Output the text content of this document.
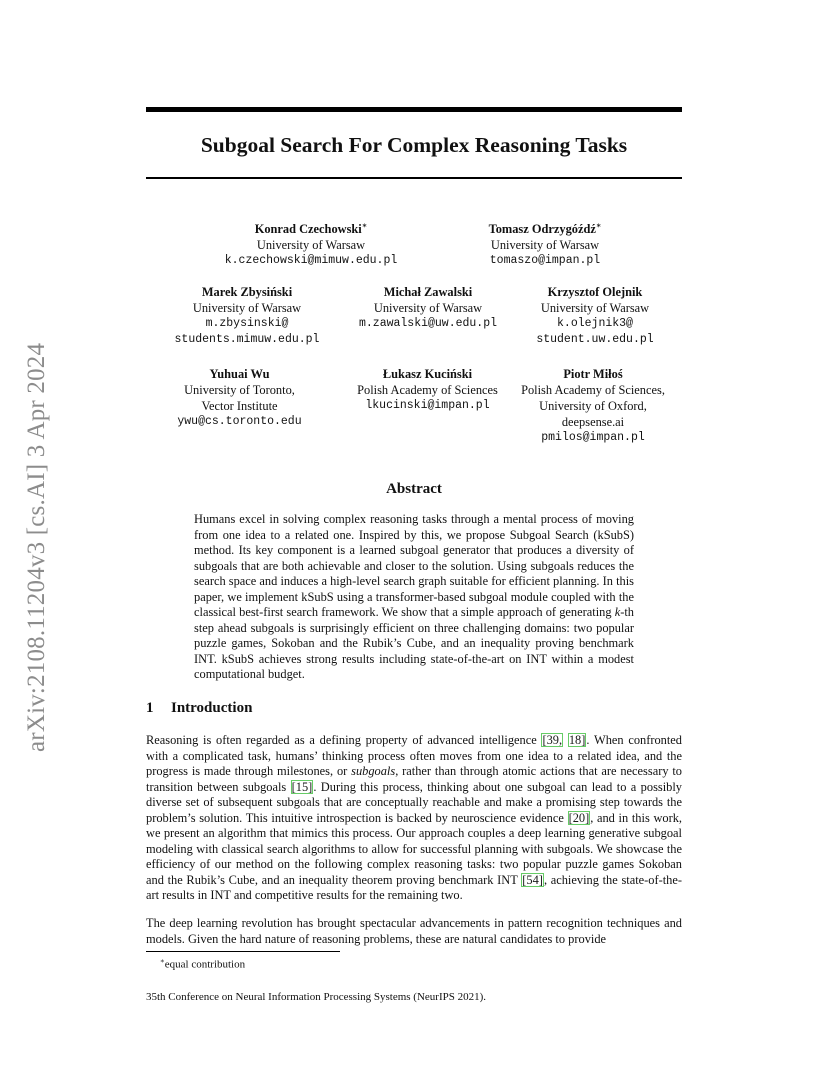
arXiv:2108.11204v3 [cs.AI] 3 Apr 2024
Subgoal Search For Complex Reasoning Tasks
Konrad Czechowski∗
University of Warsaw
k.czechowski@mimuw.edu.pl
Tomasz Odrzygóźdź∗
University of Warsaw
tomaszo@impan.pl
Marek Zbysiński
University of Warsaw
m.zbysinski@
students.mimuw.edu.pl
Michał Zawalski
University of Warsaw
m.zawalski@uw.edu.pl
Krzysztof Olejnik
University of Warsaw
k.olejnik3@
student.uw.edu.pl
Yuhuai Wu
University of Toronto,
Vector Institute
ywu@cs.toronto.edu
Łukasz Kuciński
Polish Academy of Sciences
lkucinski@impan.pl
Piotr Miłoś
Polish Academy of Sciences,
University of Oxford,
deepsense.ai
pmilos@impan.pl
Abstract
Humans excel in solving complex reasoning tasks through a mental process of moving from one idea to a related one. Inspired by this, we propose Subgoal Search (kSubS) method. Its key component is a learned subgoal generator that produces a diversity of subgoals that are both achievable and closer to the solution. Using subgoals reduces the search space and induces a high-level search graph suitable for efficient planning. In this paper, we implement kSubS using a transformer-based subgoal module coupled with the classical best-first search framework. We show that a simple approach of generating k-th step ahead subgoals is surprisingly efficient on three challenging domains: two popular puzzle games, Sokoban and the Rubik’s Cube, and an inequality proving benchmark INT. kSubS achieves strong results including state-of-the-art on INT within a modest computational budget.
1 Introduction
Reasoning is often regarded as a defining property of advanced intelligence [39, 18]. When confronted with a complicated task, humans’ thinking process often moves from one idea to a related idea, and the progress is made through milestones, or subgoals, rather than through atomic actions that are necessary to transition between subgoals [15]. During this process, thinking about one subgoal can lead to a possibly diverse set of subsequent subgoals that are conceptually reachable and make a promising step towards the problem’s solution. This intuitive introspection is backed by neuroscience evidence [20], and in this work, we present an algorithm that mimics this process. Our approach couples a deep learning generative subgoal modeling with classical search algorithms to allow for successful planning with subgoals. We showcase the efficiency of our method on the following complex reasoning tasks: two popular puzzle games Sokoban and the Rubik’s Cube, and an inequality theorem proving benchmark INT [54], achieving the state-of-the-art results in INT and competitive results for the remaining two.
The deep learning revolution has brought spectacular advancements in pattern recognition techniques and models. Given the hard nature of reasoning problems, these are natural candidates to provide
∗equal contribution
35th Conference on Neural Information Processing Systems (NeurIPS 2021).
